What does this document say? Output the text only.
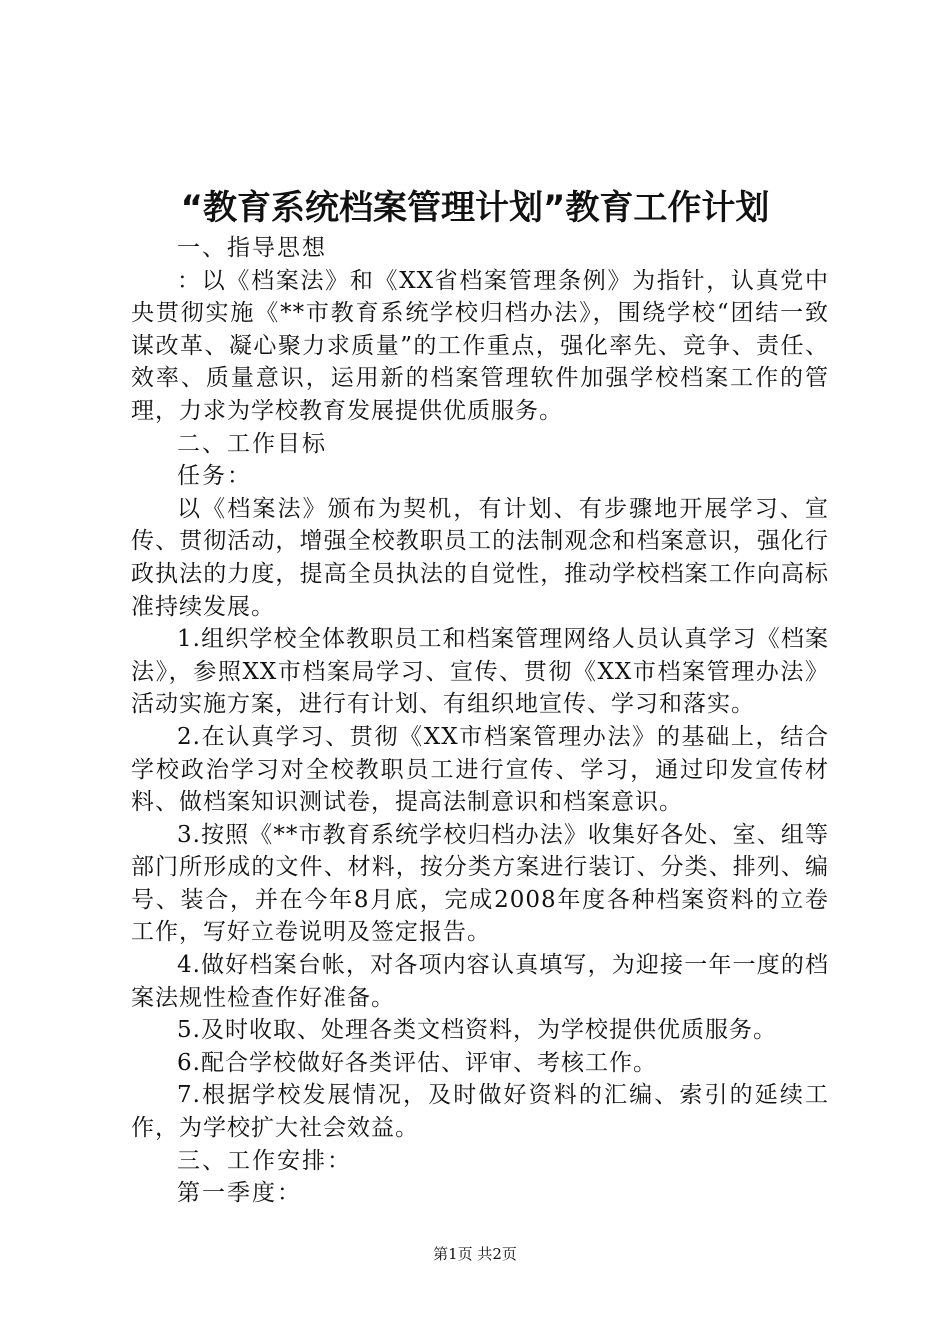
“教育系统档案管理计划”教育工作计划

一、指导思想

：以《档案法》和《XX省档案管理条例》为指针，认真党中央贯彻实施《**市教育系统学校归档办法》，围绕学校“团结一致谋改革、凝心聚力求质量”的工作重点，强化率先、竞争、责任、效率、质量意识，运用新的档案管理软件加强学校档案工作的管理，力求为学校教育发展提供优质服务。

二、工作目标

任务：

以《档案法》颁布为契机，有计划、有步骤地开展学习、宣传、贯彻活动，增强全校教职员工的法制观念和档案意识，强化行政执法的力度，提高全员执法的自觉性，推动学校档案工作向高标准持续发展。

1.组织学校全体教职员工和档案管理网络人员认真学习《档案法》，参照XX市档案局学习、宣传、贯彻《XX市档案管理办法》活动实施方案，进行有计划、有组织地宣传、学习和落实。

2.在认真学习、贯彻《XX市档案管理办法》的基础上，结合学校政治学习对全校教职员工进行宣传、学习，通过印发宣传材料、做档案知识测试卷，提高法制意识和档案意识。

3.按照《**市教育系统学校归档办法》收集好各处、室、组等部门所形成的文件、材料，按分类方案进行装订、分类、排列、编号、装合，并在今年8月底，完成2008年度各种档案资料的立卷工作，写好立卷说明及签定报告。

4.做好档案台帐，对各项内容认真填写，为迎接一年一度的档案法规性检查作好准备。

5.及时收取、处理各类文档资料，为学校提供优质服务。

6.配合学校做好各类评估、评审、考核工作。

7.根据学校发展情况，及时做好资料的汇编、索引的延续工作，为学校扩大社会效益。

三、工作安排：

第一季度：

第1页 共2页
